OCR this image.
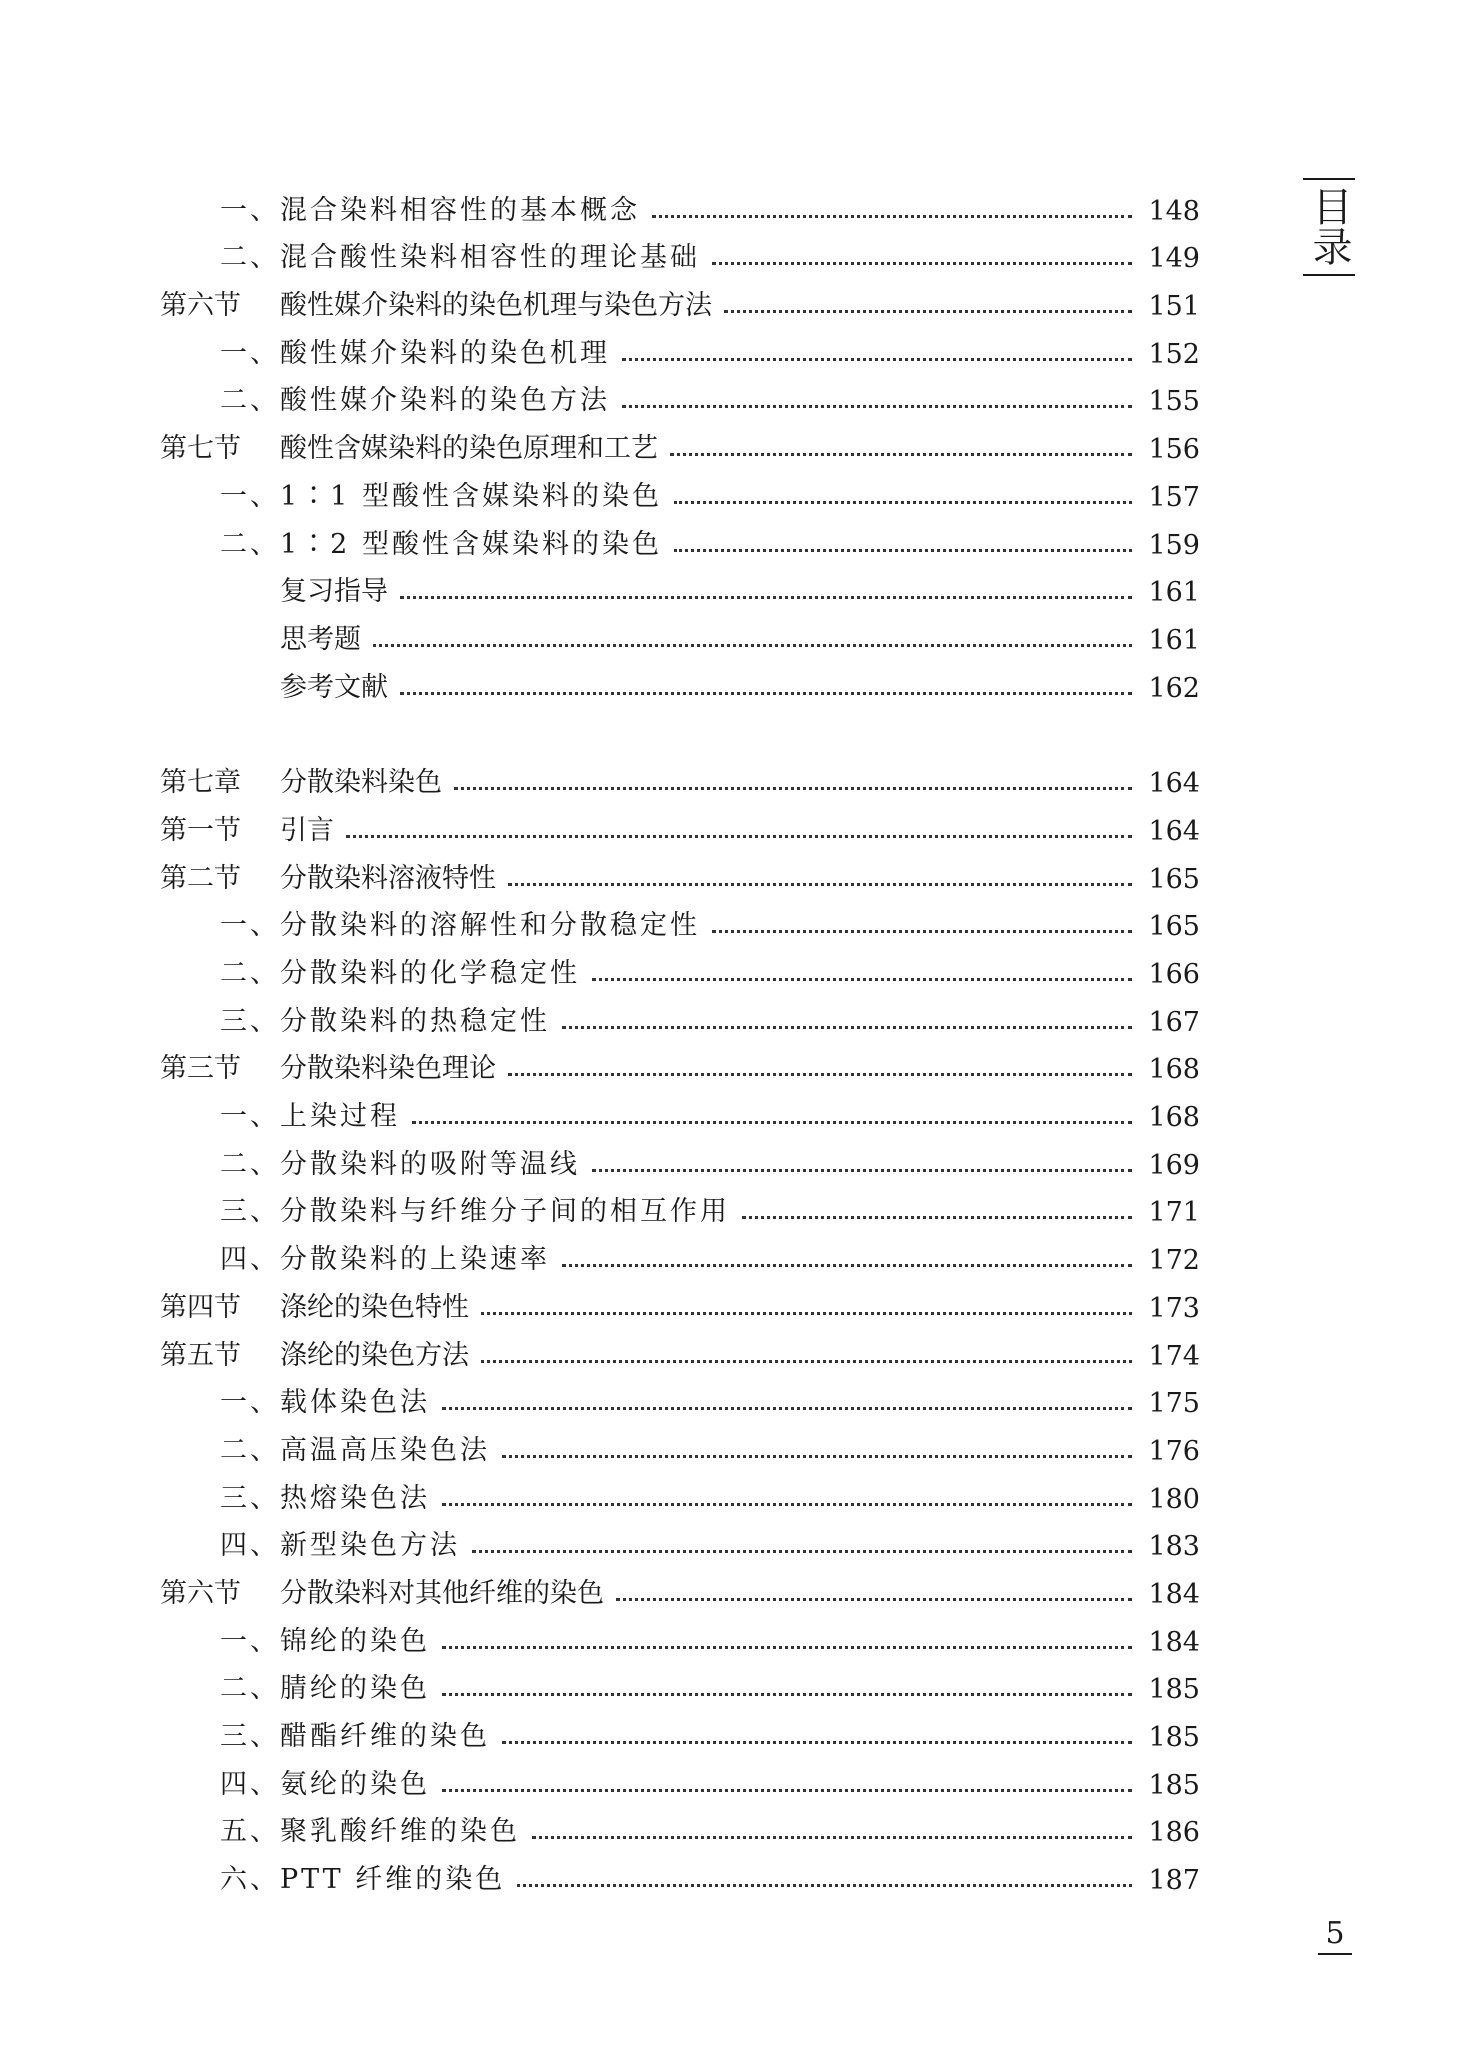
一、混合染料相容性的基本概念	148
二、混合酸性染料相容性的理论基础	149
第六节	酸性媒介染料的染色机理与染色方法	151
一、酸性媒介染料的染色机理	152
二、酸性媒介染料的染色方法	155
第七节	酸性含媒染料的染色原理和工艺	156
一、1∶1 型酸性含媒染料的染色	157
二、1∶2 型酸性含媒染料的染色	159
复习指导	161
思考题	161
参考文献	162
第七章	分散染料染色	164
第一节	引言	164
第二节	分散染料溶液特性	165
一、分散染料的溶解性和分散稳定性	165
二、分散染料的化学稳定性	166
三、分散染料的热稳定性	167
第三节	分散染料染色理论	168
一、上染过程	168
二、分散染料的吸附等温线	169
三、分散染料与纤维分子间的相互作用	171
四、分散染料的上染速率	172
第四节	涤纶的染色特性	173
第五节	涤纶的染色方法	174
一、载体染色法	175
二、高温高压染色法	176
三、热熔染色法	180
四、新型染色方法	183
第六节	分散染料对其他纤维的染色	184
一、锦纶的染色	184
二、腈纶的染色	185
三、醋酯纤维的染色	185
四、氨纶的染色	185
五、聚乳酸纤维的染色	186
六、PTT 纤维的染色	187
目录
5
